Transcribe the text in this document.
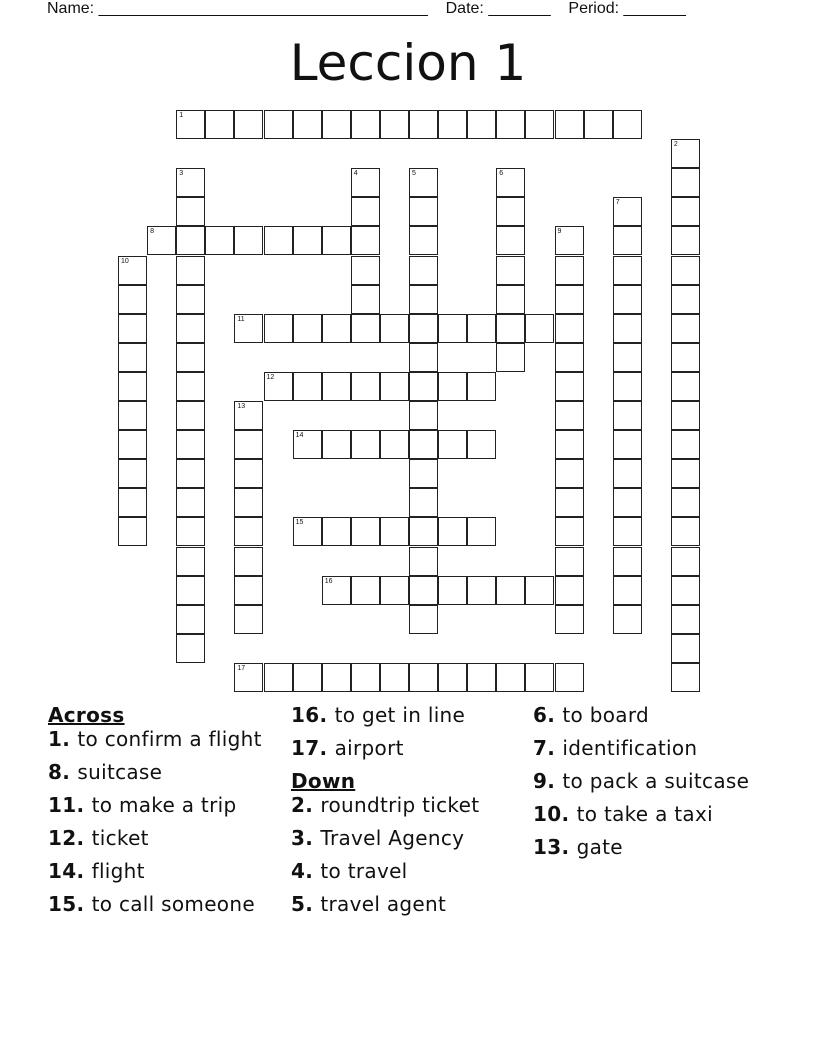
Name: _____________________________________ Date: _______ Period: _______
Leccion 1
1
8
11
12
14
15
16
17
2
3	4	5	6
7
9
10
13
Across
1. to confirm a flight
8. suitcase
11. to make a trip
12. ticket
14. flight
15. to call someone
16. to get in line
17. airport
Down
2. roundtrip ticket
3. Travel Agency
4. to travel
5. travel agent
6. to board
7. identification
9. to pack a suitcase
10. to take a taxi
13. gate
